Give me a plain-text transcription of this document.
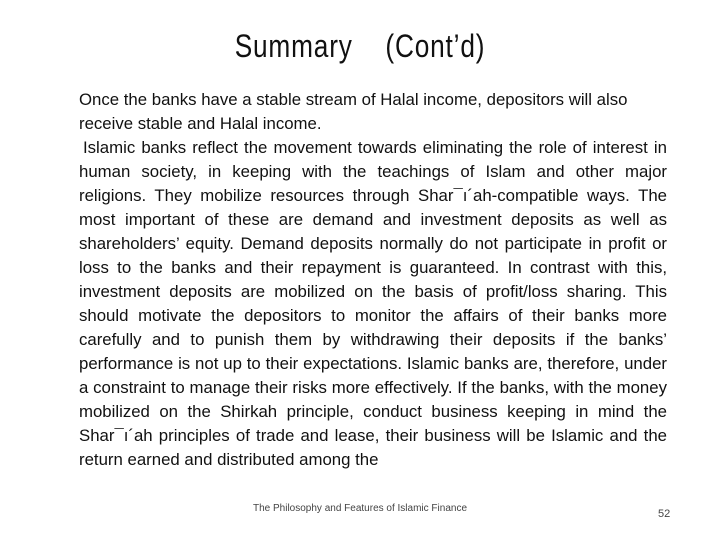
Summary (Cont’d)

Once the banks have a stable stream of Halal income, depositors will also receive stable and Halal income.

Islamic banks reflect the movement towards eliminating the role of interest in human society, in keeping with the teachings of Islam and other major religions. They mobilize resources through Shar¯ı´ah-compatible ways. The most important of these are demand and investment deposits as well as shareholders’ equity. Demand deposits normally do not participate in profit or loss to the banks and their repayment is guaranteed. In contrast with this, investment deposits are mobilized on the basis of profit/loss sharing. This should motivate the depositors to monitor the affairs of their banks more carefully and to punish them by withdrawing their deposits if the banks’ performance is not up to their expectations. Islamic banks are, therefore, under a constraint to manage their risks more effectively. If the banks, with the money mobilized on the Shirkah principle, conduct business keeping in mind the Shar¯ı´ah principles of trade and lease, their business will be Islamic and the return earned and distributed among the

The Philosophy and Features of Islamic Finance	52
